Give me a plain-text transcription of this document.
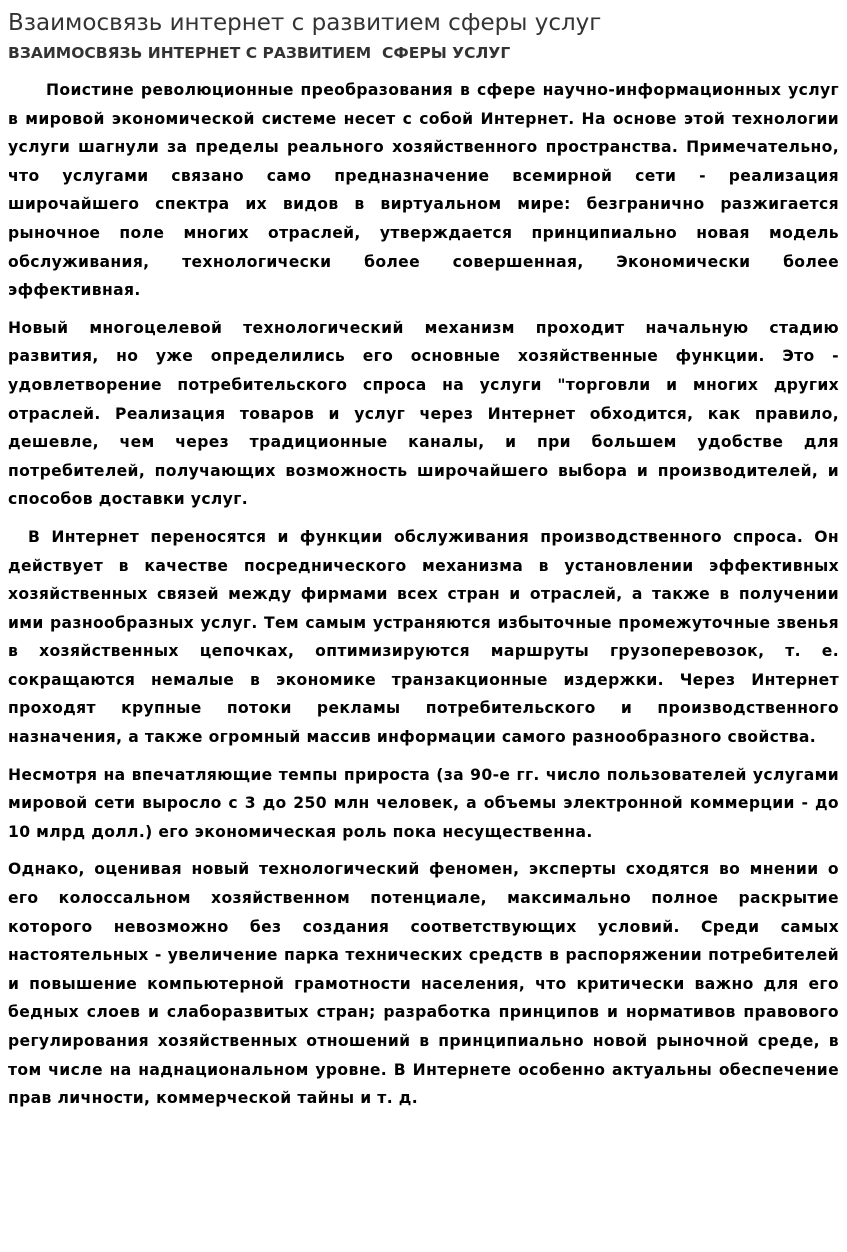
Взаимосвязь интернет с развитием сферы услуг
ВЗАИМОСВЯЗЬ ИНТЕРНЕТ С РАЗВИТИЕМ  СФЕРЫ УСЛУГ

Поистине революционные преобразования в сфере научно-информационных услуг в мировой экономической системе несет с собой Интернет. На основе этой технологии услуги шагнули за пределы реального хозяйственного пространства. Примечательно, что услугами связано само предназначение всемирной сети - реализация широчайшего спектра их видов в виртуальном мире: безгранично разжигается рыночное поле многих отраслей, утверждается принципиально новая модель обслуживания, технологически более совершенная, Экономически более эффективная.

Новый многоцелевой технологический механизм проходит начальную стадию развития, но уже определились его основные хозяйственные функции. Это - удовлетворение потребительского спроса на услуги "торговли и многих других отраслей. Реализация товаров и услуг через Интернет обходится, как правило, дешевле, чем через традиционные каналы, и при большем удобстве для потребителей, получающих возможность широчайшего выбора и производителей, и способов доставки услуг.

В Интернет переносятся и функции обслуживания производственного спроса. Он действует в качестве посреднического механизма в установлении эффективных хозяйственных связей между фирмами всех стран и отраслей, а также в получении ими разнообразных услуг. Тем самым устраняются избыточные промежуточные звенья в хозяйственных цепочках, оптимизируются маршруты грузоперевозок, т. е. сокращаются немалые в экономике транзакционные издержки. Через Интернет проходят крупные потоки рекламы потребительского и производственного назначения, а также огромный массив информации самого разнообразного свойства.

Несмотря на впечатляющие темпы прироста (за 90-е гг. число пользователей услугами мировой сети выросло с 3 до 250 млн человек, а объемы электронной коммерции - до 10 млрд долл.) его экономическая роль пока несущественна.

Однако, оценивая новый технологический феномен, эксперты сходятся во мнении о его колоссальном хозяйственном потенциале, максимально полное раскрытие которого невозможно без создания соответствующих условий. Среди самых настоятельных - увеличение парка технических средств в распоряжении потребителей и повышение компьютерной грамотности населения, что критически важно для его бедных слоев и слаборазвитых стран; разработка принципов и нормативов правового регулирования хозяйственных отношений в принципиально новой рыночной среде, в том числе на наднациональном уровне. В Интернете особенно актуальны обеспечение прав личности, коммерческой тайны и т. д.
